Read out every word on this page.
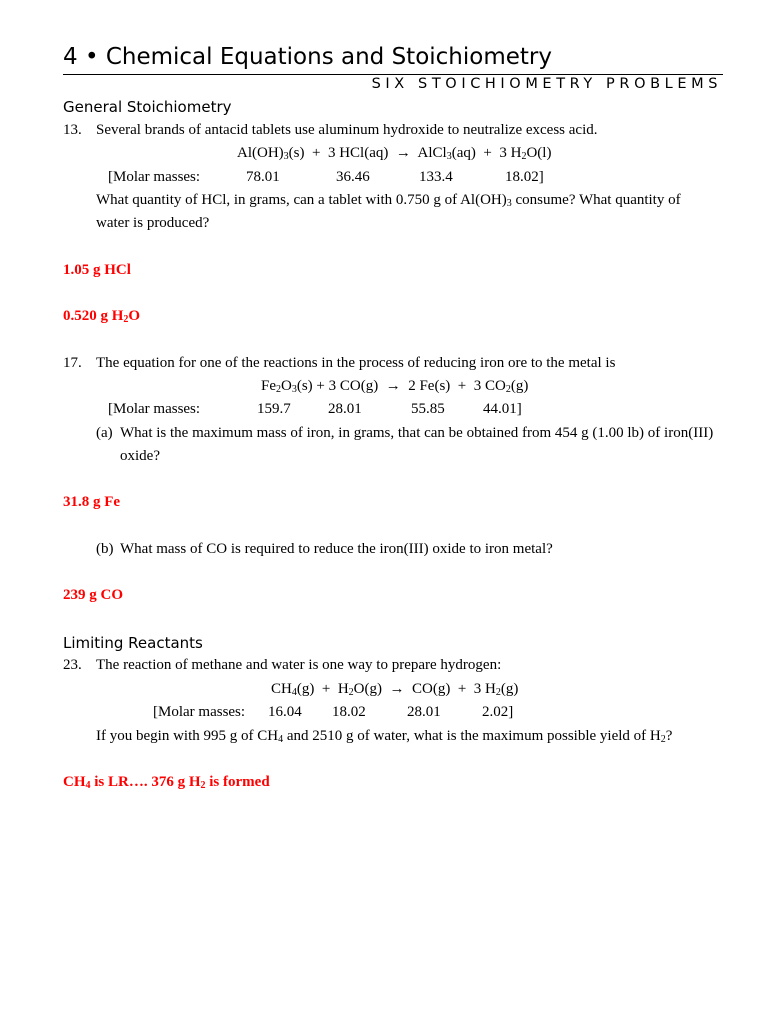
4 • Chemical Equations and Stoichiometry
SIX STOICHIOMETRY PROBLEMS
General Stoichiometry
13. Several brands of antacid tablets use aluminum hydroxide to neutralize excess acid.
$Al(OH)_3(s) + 3$ HCl(aq) → AlCl$_3$(aq) + 3 $H_2O(l)$
[Molar masses:	78.01	36.46	133.4	18.02]
What quantity of HCl, in grams, can a tablet with 0.750 g of $Al(OH)_3$ consume? What quantity of
water is produced?
1.05 g HCl
0.520 g $H_2O$
17. The equation for one of the reactions in the process of reducing iron ore to the metal is
$Fe_2O_3(s) + 3$ CO(g) → 2 Fe(s) + 3 $CO_2(g)$
[Molar masses:	159.7 28.01	55.85	44.01]
(a) What is the maximum mass of iron, in grams, that can be obtained from 454 g (1.00 lb) of iron(III)
oxide?
31.8 g Fe
(b) What mass of CO is required to reduce the iron(III) oxide to iron metal?
239 g CO
Limiting Reactants
23. The reaction of methane and water is one way to prepare hydrogen:
$CH_4(g) + H_2O(g) \to CO(g) + 3$ $H_2(g)$
[Molar masses: 16.04 18.02	28.01	2.02]
If you begin with 995 g of $CH_4$ and 2510 g of water, what is the maximum possible yield of $H_2$?
$CH_4$ is LR…. 376 g $H_2$ is formed
